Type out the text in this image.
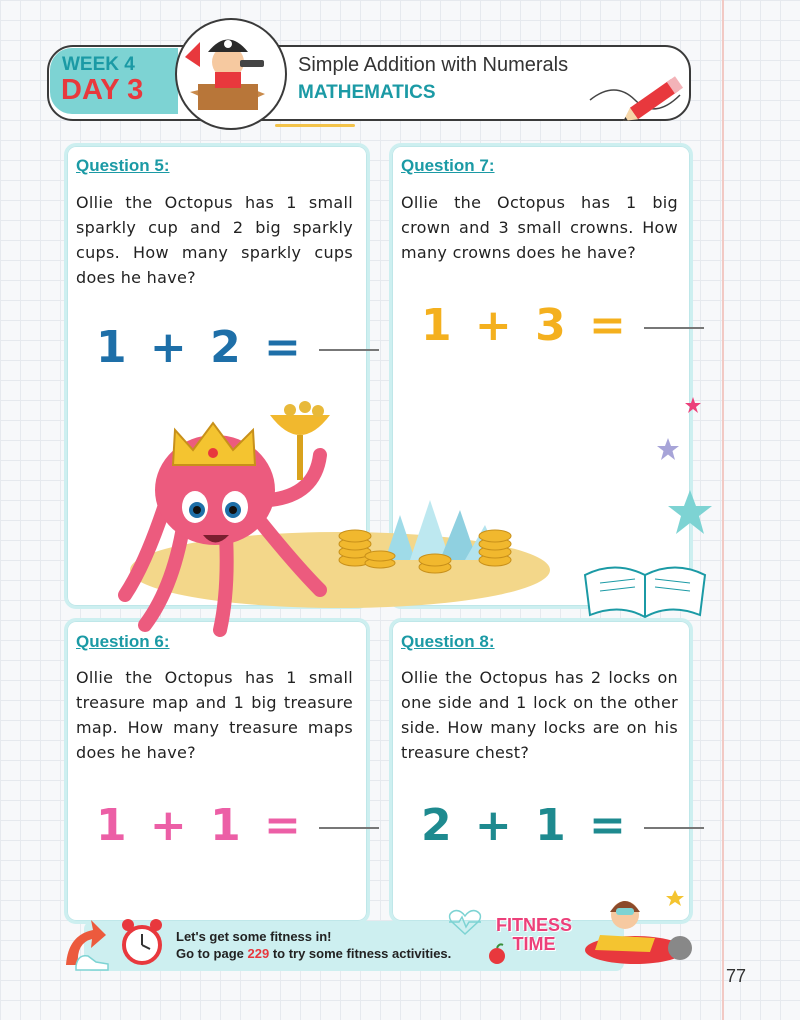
WEEK 4
DAY 3
Simple Addition with Numerals
MATHEMATICS
Question 5:
Ollie the Octopus has 1 small sparkly cup and 2 big sparkly cups. How many sparkly cups does he have?
1 + 2 =
Question 7:
Ollie the Octopus has 1 big crown and 3 small crowns. How many crowns does he have?
1 + 3 =
Question 6:
Ollie the Octopus has 1 small treasure map and 1 big treasure map. How many treasure maps does he have?
1 + 1 =
Question 8:
Ollie the Octopus has 2 locks on one side and 1 lock on the other side. How many locks are on his treasure chest?
2 + 1 =
Let's get some fitness in!
Go to page 229 to try some fitness activities.
FITNESS
TIME
77
